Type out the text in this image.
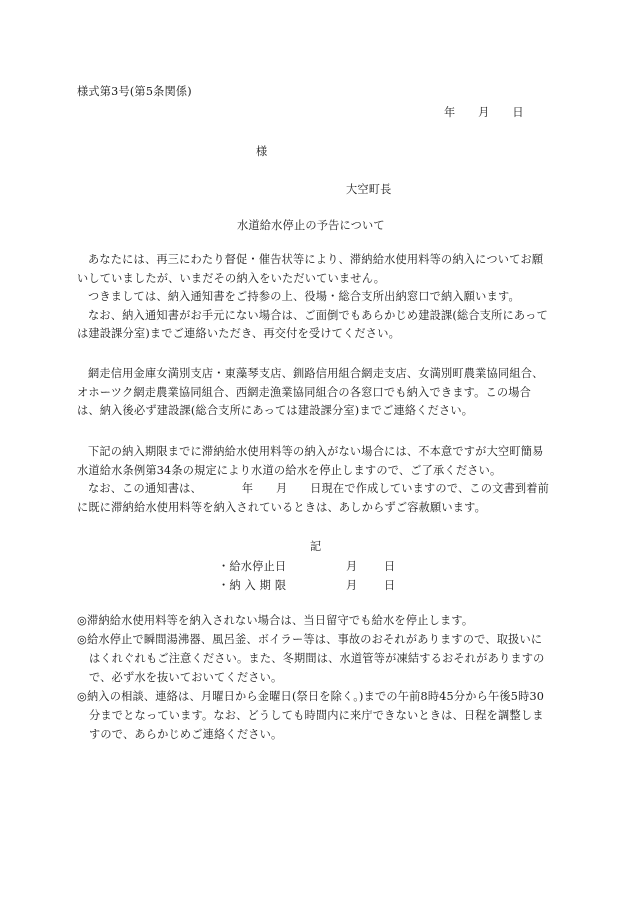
様式第3号(第5条関係)
年　　月　　日
様
大空町長
水道給水停止の予告について

あなたには、再三にわたり督促・催告状等により、滞納給水使用料等の納入についてお願いしていましたが、いまだその納入をいただいていません。

つきましては、納入通知書をご持参の上、役場・総合支所出納窓口で納入願います。

なお、納入通知書がお手元にない場合は、ご面倒でもあらかじめ建設課(総合支所にあっては建設課分室)までご連絡いただき、再交付を受けてください。

網走信用金庫女満別支店・東藻琴支店、釧路信用組合網走支店、女満別町農業協同組合、オホーツク網走農業協同組合、西網走漁業協同組合の各窓口でも納入できます。この場合は、納入後必ず建設課(総合支所にあっては建設課分室)までご連絡ください。

下記の納入期限までに滞納給水使用料等の納入がない場合には、不本意ですが大空町簡易水道給水条例第34条の規定により水道の給水を停止しますので、ご了承ください。

なお、この通知書は、　　　　年　　月　　日現在で作成していますので、この文書到着前に既に滞納給水使用料等を納入されているときは、あしからずご容赦願います。

記
・給水停止日	月 日
・納 入 期 限	月 日

◎滞納給水使用料等を納入されない場合は、当日留守でも給水を停止します。

◎給水停止で瞬間湯沸器、風呂釜、ボイラー等は、事故のおそれがありますので、取扱いにはくれぐれもご注意ください。また、冬期間は、水道管等が凍結するおそれがありますので、必ず水を抜いておいてください。

◎納入の相談、連絡は、月曜日から金曜日(祭日を除く。)までの午前8時45分から午後5時30分までとなっています。なお、どうしても時間内に来庁できないときは、日程を調整しますので、あらかじめご連絡ください。
